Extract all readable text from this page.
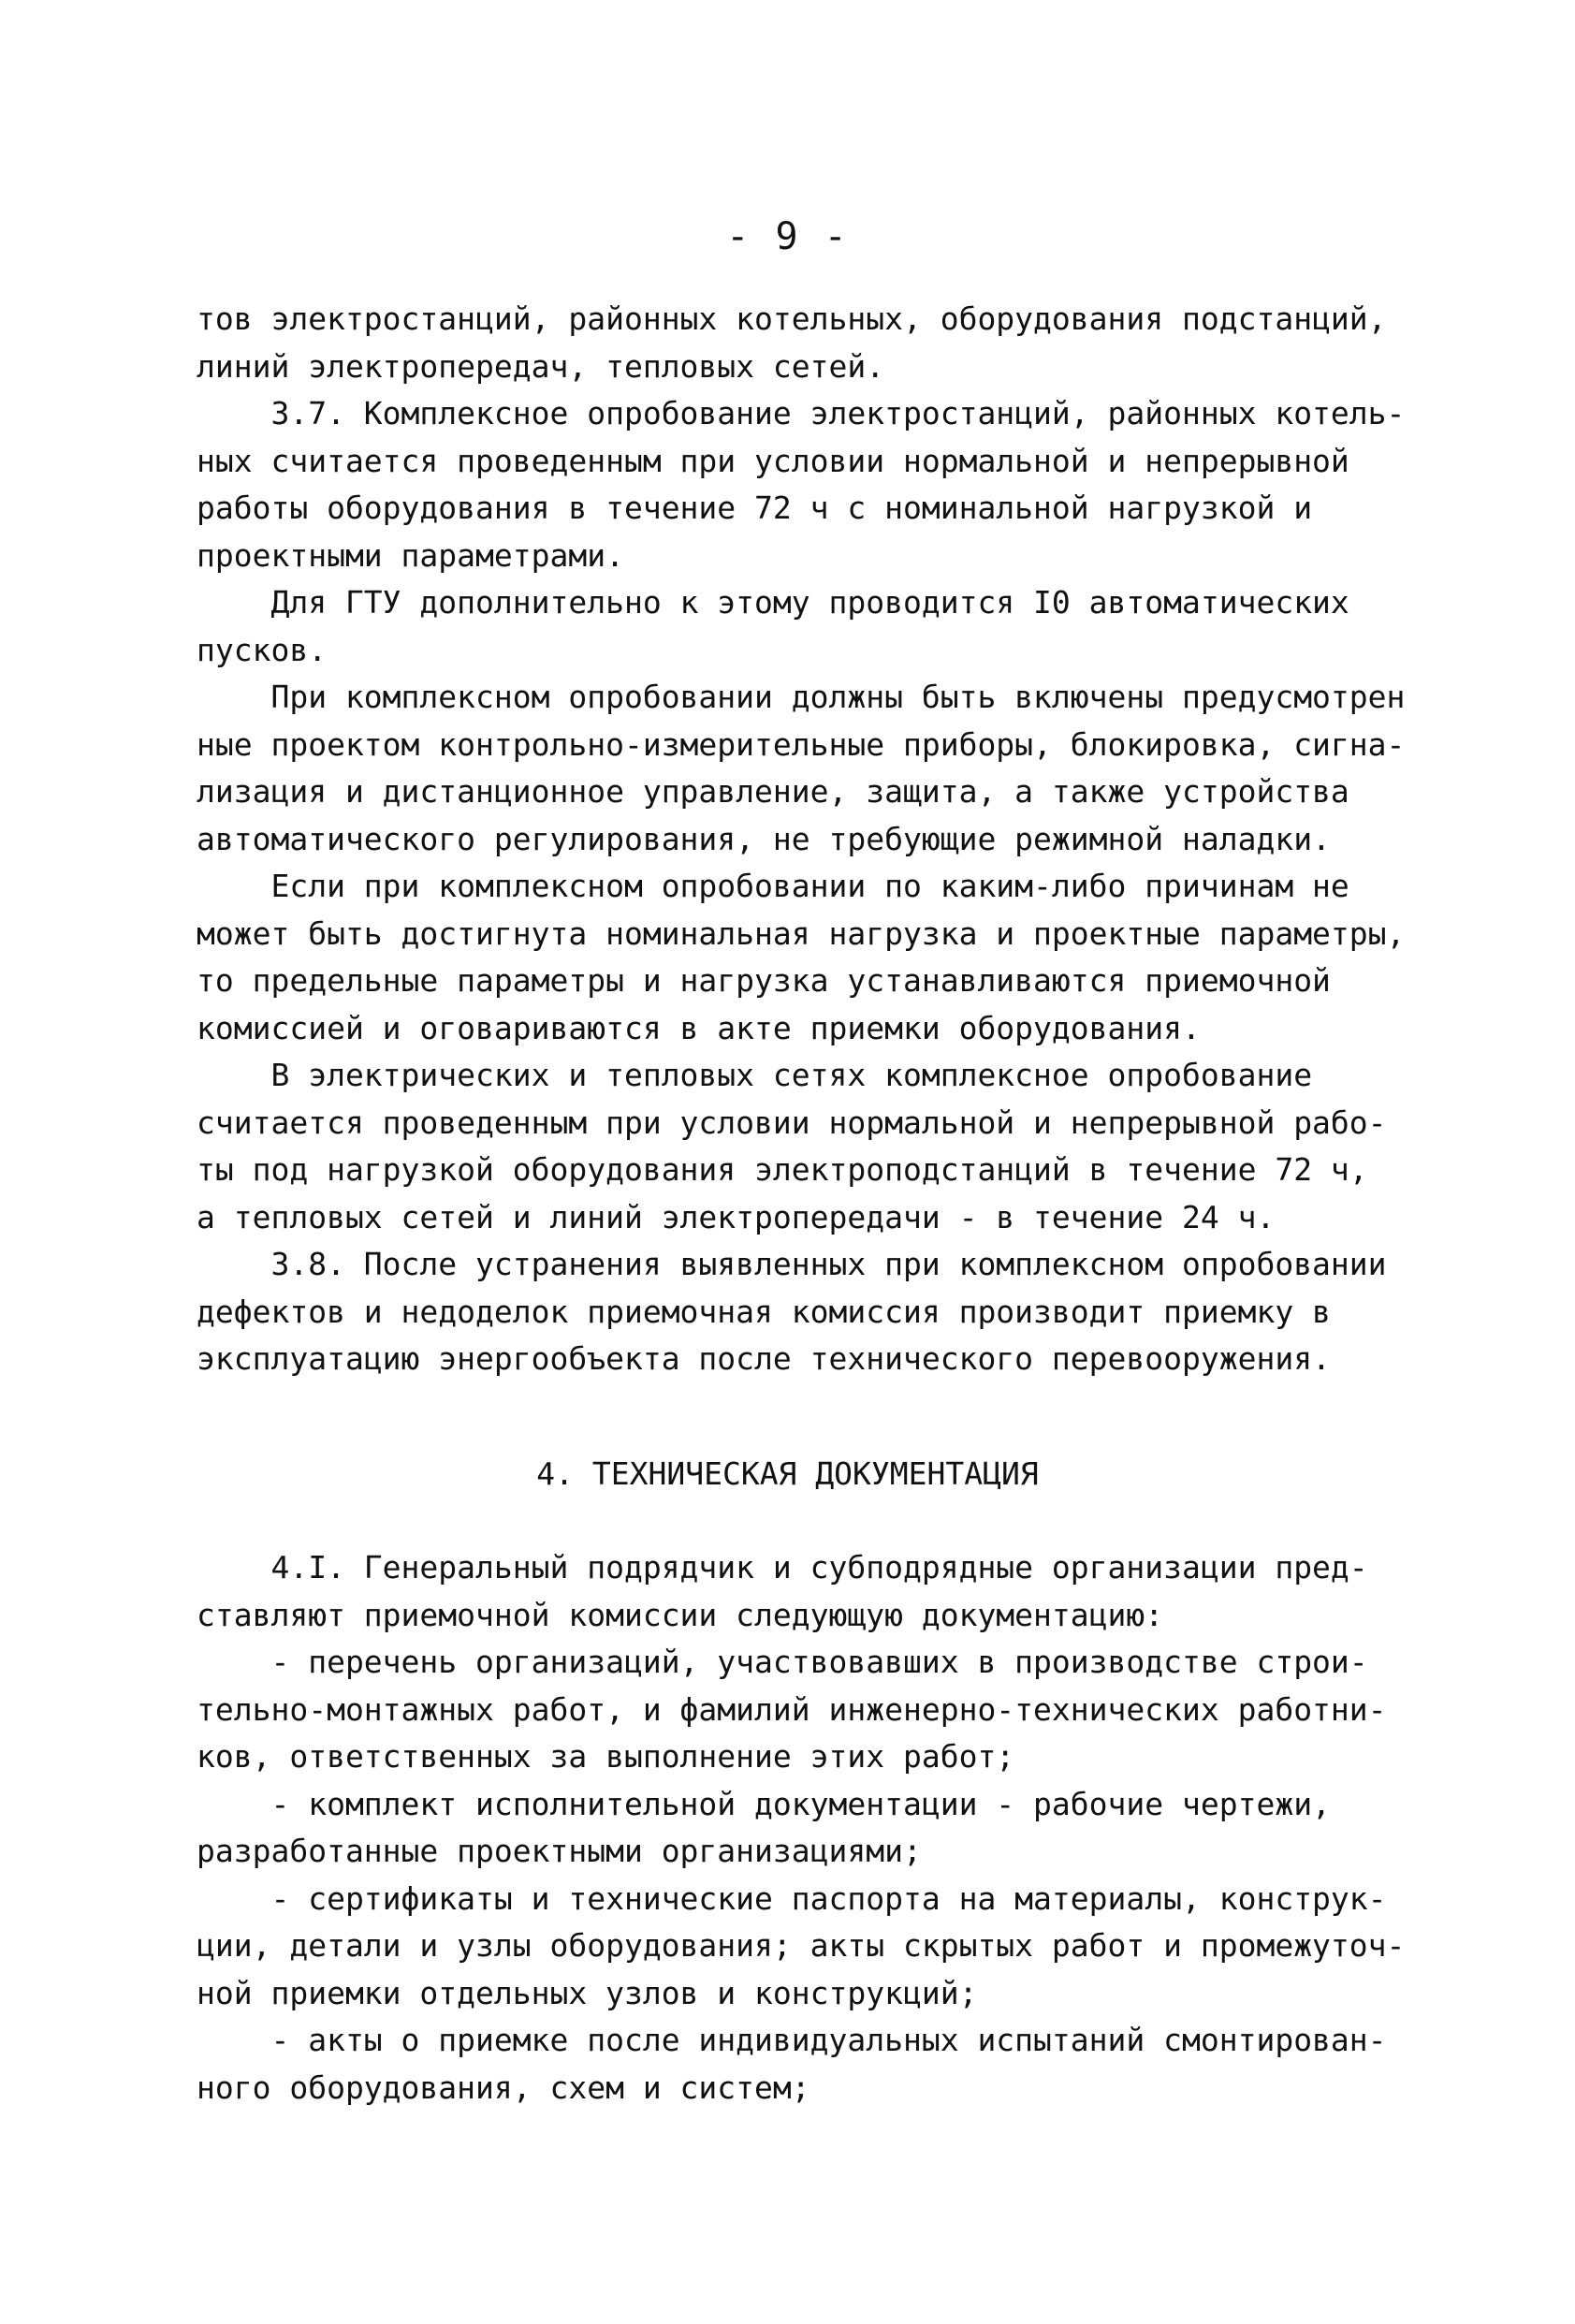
- 9 -
тов электростанций, районных котельных, оборудования подстанций,
линий электропередач, тепловых сетей.
3.7. Комплексное опробование электростанций, районных котель-
ных считается проведенным при условии нормальной и непрерывной
работы оборудования в течение 72 ч с номинальной нагрузкой и
проектными параметрами.
Для ГТУ дополнительно к этому проводится I0 автоматических
пусков.
При комплексном опробовании должны быть включены предусмотрен
ные проектом контрольно-измерительные приборы, блокировка, сигна-
лизация и дистанционное управление, защита, а также устройства
автоматического регулирования, не требующие режимной наладки.
Если при комплексном опробовании по каким-либо причинам не
может быть достигнута номинальная нагрузка и проектные параметры,
то предельные параметры и нагрузка устанавливаются приемочной
комиссией и оговариваются в акте приемки оборудования.
В электрических и тепловых сетях комплексное опробование
считается проведенным при условии нормальной и непрерывной рабо-
ты под нагрузкой оборудования электроподстанций в течение 72 ч,
а тепловых сетей и линий электропередачи - в течение 24 ч.
3.8. После устранения выявленных при комплексном опробовании
дефектов и недоделок приемочная комиссия производит приемку в
эксплуатацию энергообъекта после технического перевооружения.
4. ТЕХНИЧЕСКАЯ ДОКУМЕНТАЦИЯ
4.I. Генеральный подрядчик и субподрядные организации пред-
ставляют приемочной комиссии следующую документацию:
- перечень организаций, участвовавших в производстве строи-
тельно-монтажных работ, и фамилий инженерно-технических работни-
ков, ответственных за выполнение этих работ;
- комплект исполнительной документации - рабочие чертежи,
разработанные проектными организациями;
- сертификаты и технические паспорта на материалы, конструк-
ции, детали и узлы оборудования; акты скрытых работ и промежуточ-
ной приемки отдельных узлов и конструкций;
- акты о приемке после индивидуальных испытаний смонтирован-
ного оборудования, схем и систем;
